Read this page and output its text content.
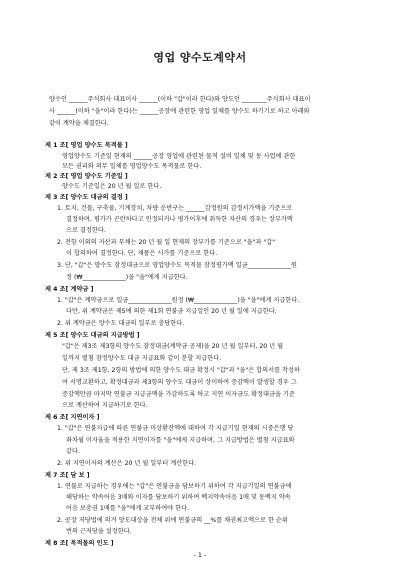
영업 양수도계약서
양수인 ______주식회사 대표이사 ______(이하 "갑"이라 한다)와 양도인 ________주식회사 대표이
사 ______(이하 "을"이라 한다)는 ______공장에 관련한 영업 일체를 양수도 하기기로 하고 아래와
같이 계약을 체결한다.
제 1 조[ 영업 양수도 목적물 ]
영업양수도 기준일 현재의 ______공장 영업에 관련된 물적 설비 일체 및 동 사업에 관한
모든 권리와 의무 일체를 영업양수도 목적물로 한다.
제 2 조[ 영업 양수도 기준일 ]
양수도 기준일은 20 년 월 일로 한다.
제 3 조[ 양수도 대금의 결정 ]
1. 토지, 건물, 구축물, 기계장치, 차량 운반구는 ______감정원의 감정서가액을 기준으로
결정하며, 평가가 곤란하다고 인정되거나 평가이후에 취득한 자산의 경우는 장부가액
으로 결정한다.
2. 전항 이외의 자산과 부채는 20 년 월 일 현재의 장부가를 기준으로 "을"과 "갑"
이 합의하여 결정한다. 단, 재품은 시가를 기준으로 한다.
3. 단, "갑"은 양수도 잠정대금으로 영업양수도 목적물 잠정평가액 일금______________원
정 (₩______________)을 "을"에게 지급한다.
제 4 조[ 계약금 ]
1. "갑"은 계약금으로 일금______________원정 (₩______________)을 "을"에게 지급한다.
다만, 위 계약금은 제5에 의한 제1회 연불금 지급일인 20 년 월 일에 지급한다.
2. 위 계약금은 양수도 대금의 일부로 충당한다.
제 5 조[ 양수도 대금의 지급방법 ]
"갑"은 제3조 제3항의 양수도 잠정대금(계약금 공제)을 20 년 월 일부터, 20 년 월
일까지 별첨 잠정양수도 대금 지급표와 같이 분할 지급한다.
단, 제 3조 제1항, 2항의 방법에 의한 양수도 대금 확정시 "갑"과 "을"은 합의서를 작성하
여 서명교환하고, 확정대금과 제3항의 양수도 대금이 상이하여 증감액이 발생할 경우 그
증감액만큼 마지막 연불금 지급금액을 가감하도록 하고 지연 이자금도 확정대금을 기준
으로 계산하여 지급하기로 한다.
제 6 조[ 지연이자 ]
1. "갑"은 연불지급에 따른 연불금 미상환잔액에 대하여 각 지급기일 현재의 시중은행 당
좌차월 이자율을 적용한 지연이자를 "을"에게 지급하며, 그 지급방법은 별첨 지급표와
같다.
2. 위 지연이자의 계산은 20 년 월 일부터 계산한다.
제 7 조[ 담 보 ]
1. 연불로 지급하는 경우에는 "갑"은 연불금을 담보하기 위하여 각 지급기일의 연불금에
해당하는 약속어음 3매와 이자를 담보하기 위하여 백지약속어음 1매 및 동백지 약속
어음 보충권 1매를 "을"에게 교부하여야 한다.
2. 공장 저당법에 의거 양도대상을 전체 위에 연불금의 __%를 채권최고액으로 한 순위
번의 근저당을 설정한다.
제 8 조[ 목적물의 인도 ]
- 1 -
